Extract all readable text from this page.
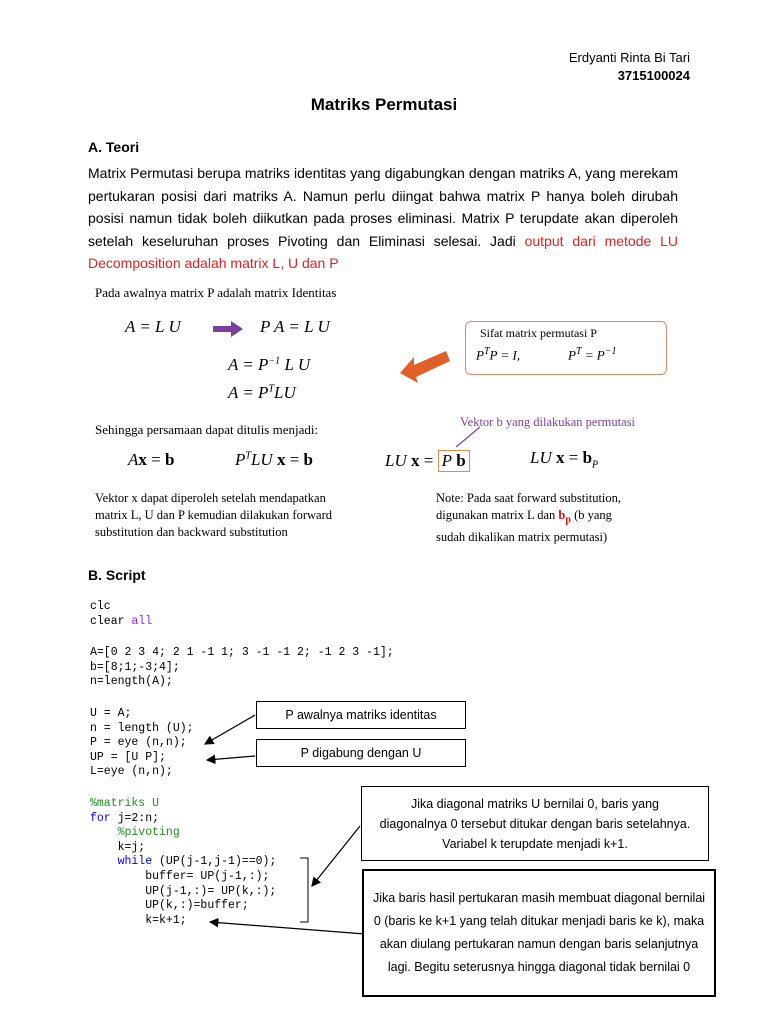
Erdyanti Rinta Bi Tari
3715100024
Matriks Permutasi
A. Teori
Matrix Permutasi berupa matriks identitas yang digabungkan dengan matriks A, yang merekam pertukaran posisi dari matriks A. Namun perlu diingat bahwa matrix P hanya boleh dirubah posisi namun tidak boleh diikutkan pada proses eliminasi. Matrix P terupdate akan diperoleh setelah keseluruhan proses Pivoting dan Eliminasi selesai. Jadi output dari metode LU Decomposition adalah matrix L, U dan P
Pada awalnya matrix P adalah matrix Identitas
A = L U	P A = L U
$A = P^{-1}$ L U
$A = P^TLU$
Sifat matrix permutasi P
$P^TP = I$,	$P^T = P^{-1}$
Vektor b yang dilakukan permutasi
Sehingga persamaan dapat ditulis menjadi:
Ax = b	$P^TLU$ x = b	LU x = P b	LU $x = b_P$
Vektor x dapat diperoleh setelah mendapatkan
matrix L, U dan P kemudian dilakukan forward
substitution dan backward substitution
Note: Pada saat forward substitution,
digunakan matrix L dan $b_p$ (b yang
sudah dikalikan matrix permutasi)
B. Script
clc
clear all
A=[0 2 3 4; 2 1 -1 1; 3 -1 -1 2; -1 2 3 -1];
b=[8;1;-3;4];
n=length(A);
U = A;
n = length (U);
P = eye (n,n);
UP = [U P];
L=eye (n,n);
%matriks U
for j=2:n;
%pivoting
k=j;
while (UP(j-1,j-1)==0);
buffer= UP(j-1,:);
UP(j-1,:)= UP(k,:);
UP(k,:)=buffer;
k=k+1;
P awalnya matriks identitas
P digabung dengan U
Jika diagonal matriks U bernilai 0, baris yang diagonalnya 0 tersebut ditukar dengan baris setelahnya. Variabel k terupdate menjadi k+1.
Jika baris hasil pertukaran masih membuat diagonal bernilai 0 (baris ke k+1 yang telah ditukar menjadi baris ke k), maka akan diulang pertukaran namun dengan baris selanjutnya lagi. Begitu seterusnya hingga diagonal tidak bernilai 0
